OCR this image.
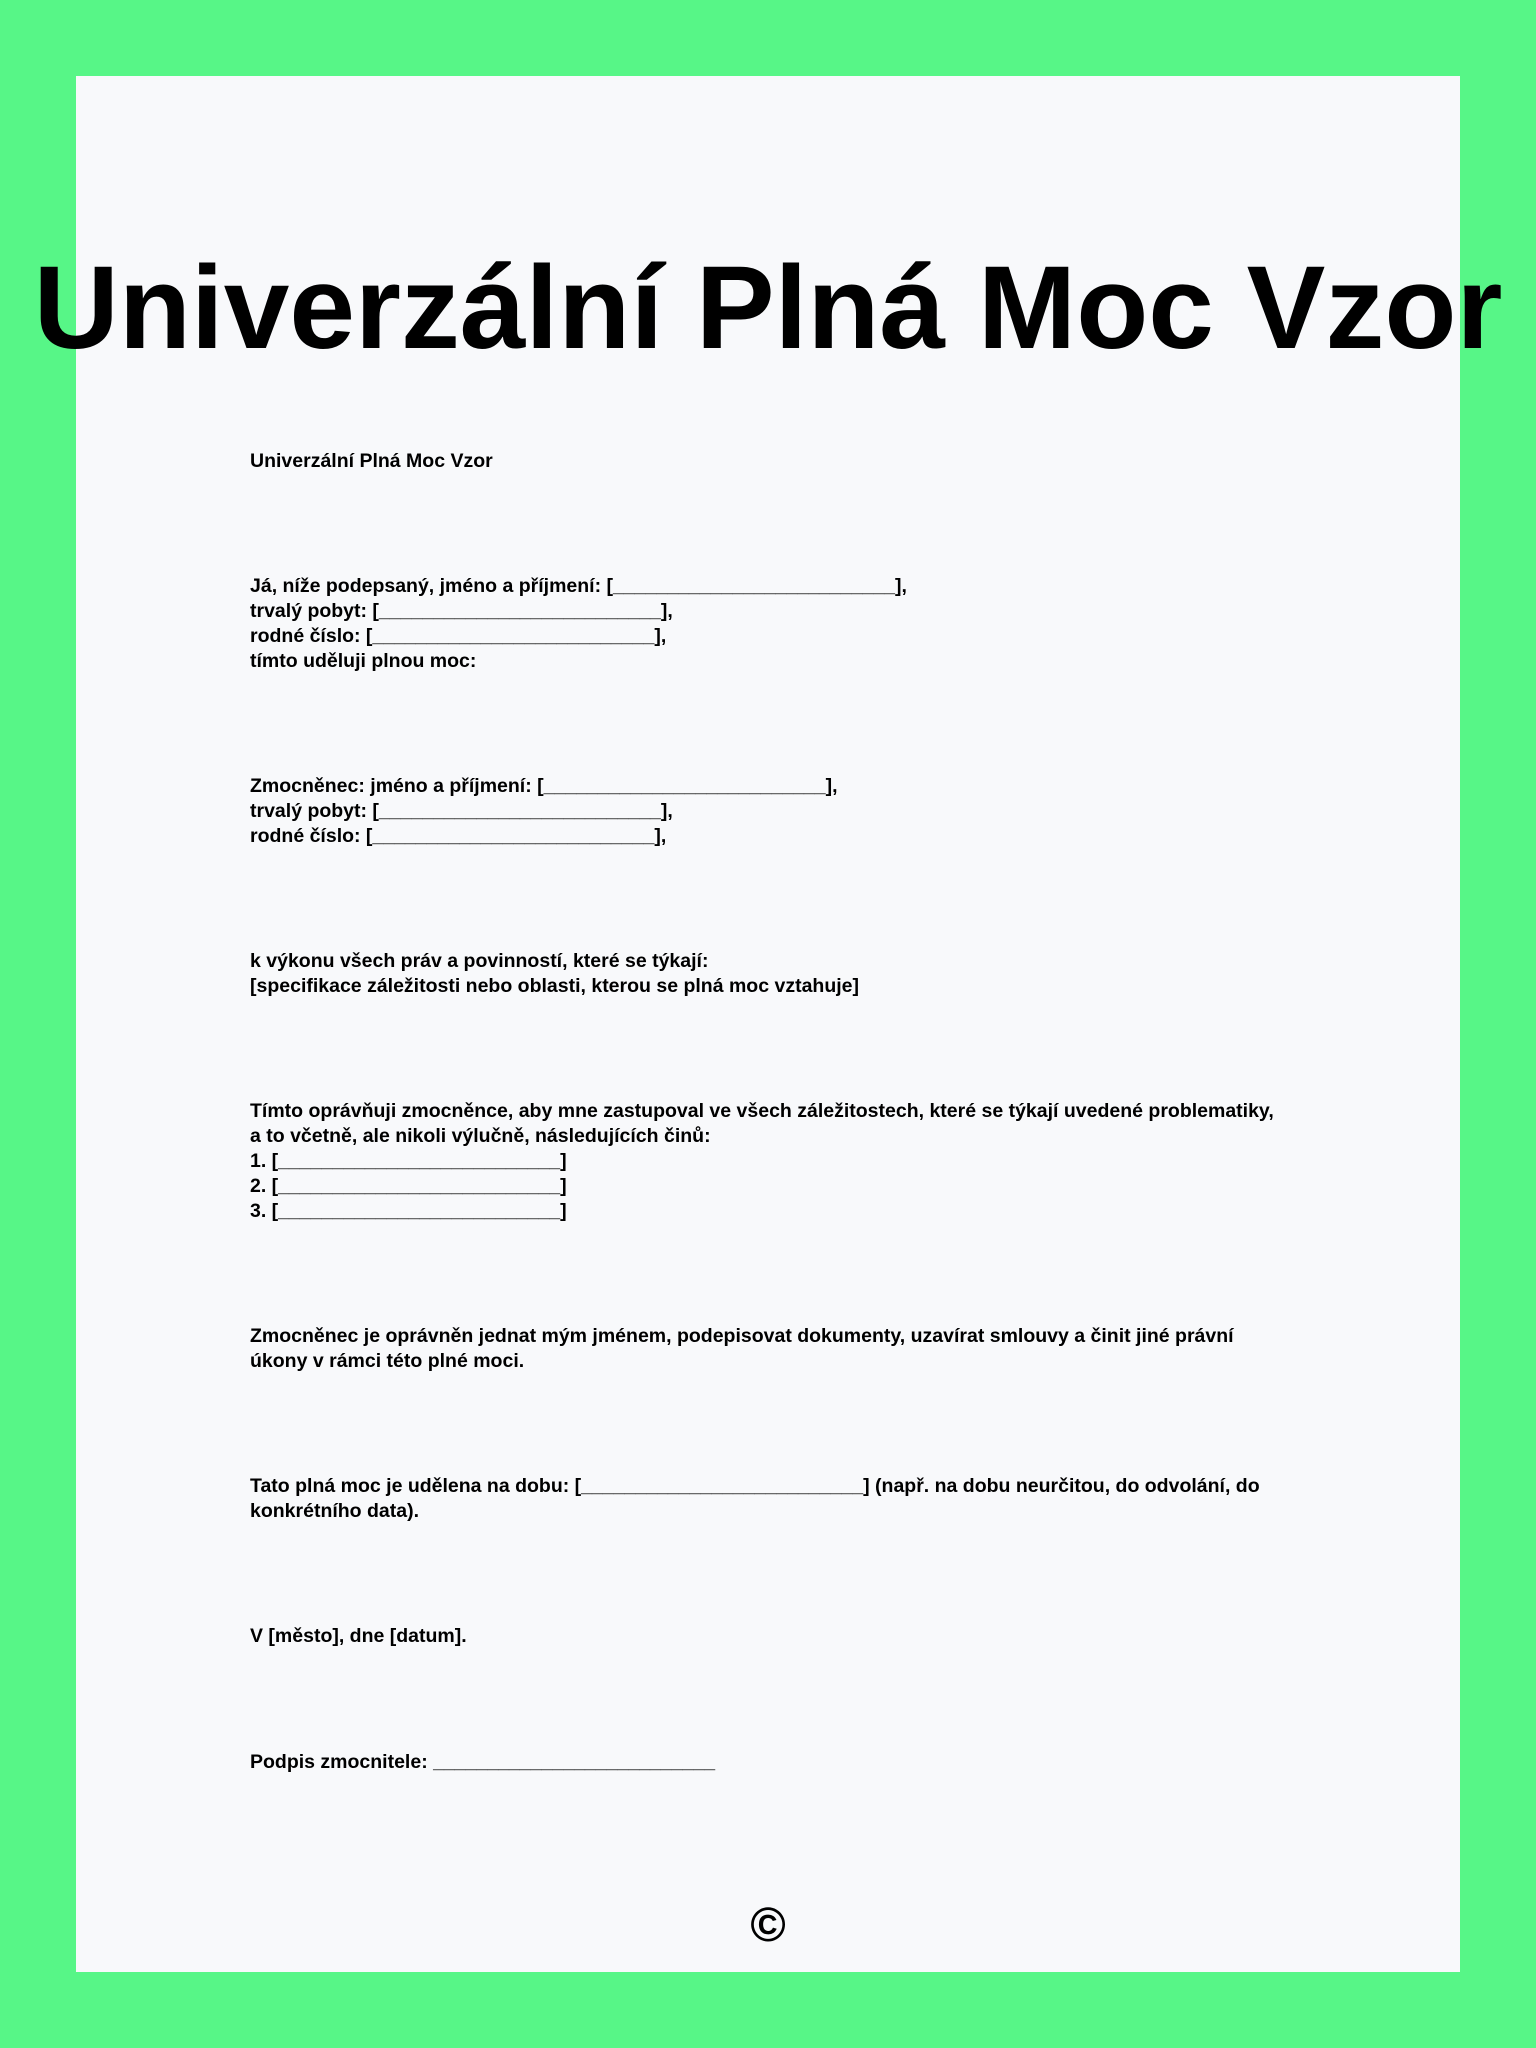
Univerzální Plná Moc Vzor
Univerzální Plná Moc Vzor
Já, níže podepsaný, jméno a příjmení: [__________________________],
trvalý pobyt: [__________________________],
rodné číslo: [__________________________],
tímto uděluji plnou moc:
Zmocněnec: jméno a příjmení: [__________________________],
trvalý pobyt: [__________________________],
rodné číslo: [__________________________],
k výkonu všech práv a povinností, které se týkají:
[specifikace záležitosti nebo oblasti, kterou se plná moc vztahuje]
Tímto oprávňuji zmocněnce, aby mne zastupoval ve všech záležitostech, které se týkají uvedené problematiky, a to včetně, ale nikoli výlučně, následujících činů:
1. [__________________________]
2. [__________________________]
3. [__________________________]
Zmocněnec je oprávněn jednat mým jménem, podepisovat dokumenty, uzavírat smlouvy a činit jiné právní úkony v rámci této plné moci.
Tato plná moc je udělena na dobu: [__________________________] (např. na dobu neurčitou, do odvolání, do konkrétního data).
V [město], dne [datum].
Podpis zmocnitele: __________________________
©
